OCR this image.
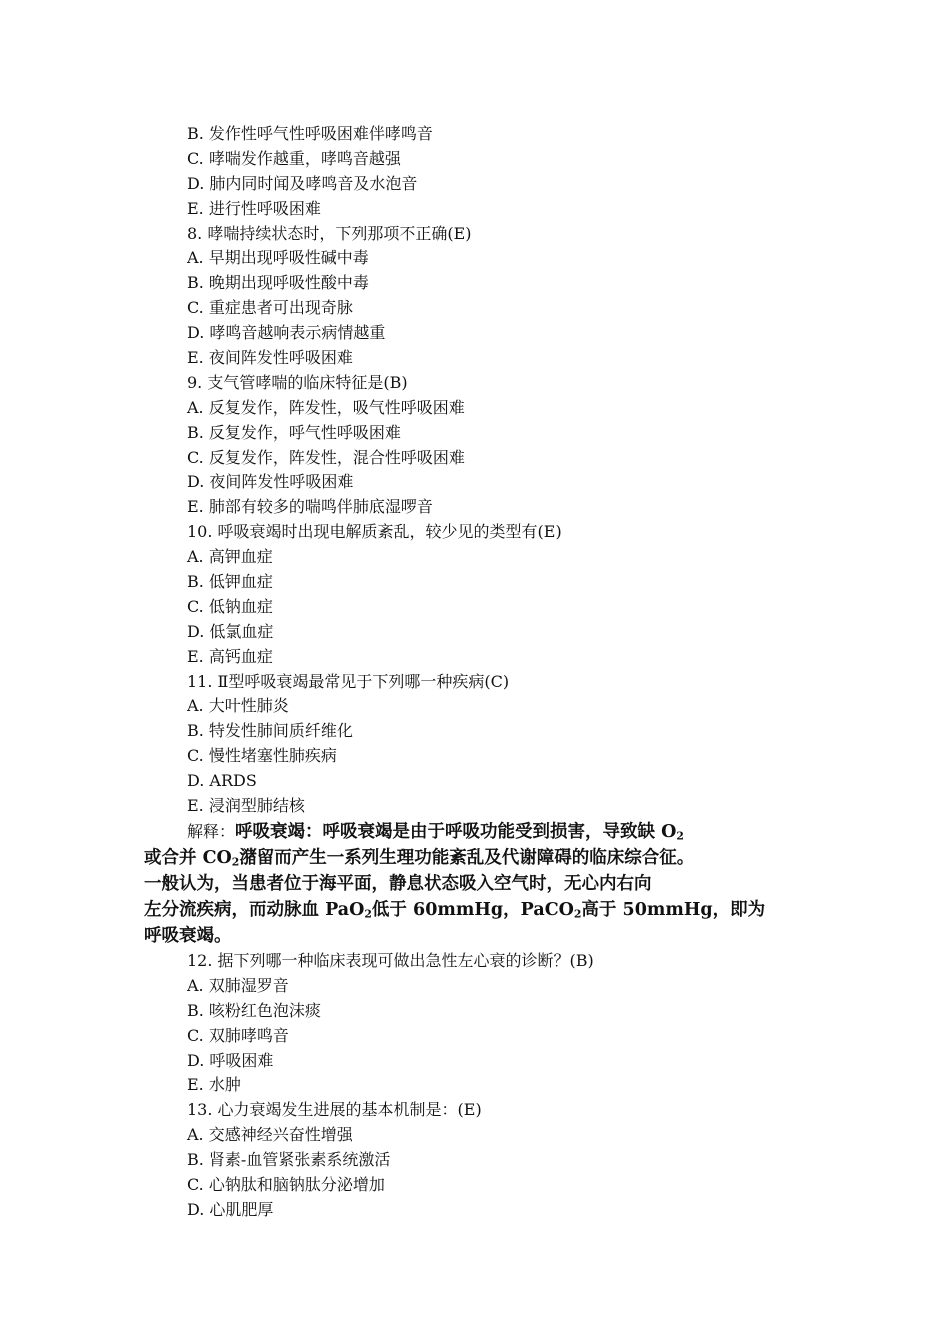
B. 发作性呼气性呼吸困难伴哮鸣音
C. 哮喘发作越重，哮鸣音越强
D. 肺内同时闻及哮鸣音及水泡音
E. 进行性呼吸困难
8. 哮喘持续状态时，下列那项不正确(E)
A. 早期出现呼吸性碱中毒
B. 晚期出现呼吸性酸中毒
C. 重症患者可出现奇脉
D. 哮鸣音越响表示病情越重
E. 夜间阵发性呼吸困难
9. 支气管哮喘的临床特征是(B)
A. 反复发作，阵发性，吸气性呼吸困难
B. 反复发作，呼气性呼吸困难
C. 反复发作，阵发性，混合性呼吸困难
D. 夜间阵发性呼吸困难
E. 肺部有较多的喘鸣伴肺底湿啰音
10. 呼吸衰竭时出现电解质紊乱，较少见的类型有(E)
A. 高钾血症
B. 低钾血症
C. 低钠血症
D. 低氯血症
E. 高钙血症
11. Ⅱ型呼吸衰竭最常见于下列哪一种疾病(C)
A. 大叶性肺炎
B. 特发性肺间质纤维化
C. 慢性堵塞性肺疾病
D. ARDS
E. 浸润型肺结核
解释：呼吸衰竭：呼吸衰竭是由于呼吸功能受到损害，导致缺 $O_2$
或合并 $CO_2$潴留而产生一系列生理功能紊乱及代谢障碍的临床综合征。
一般认为，当患者位于海平面，静息状态吸入空气时，无心内右向
左分流疾病，而动脉血 PaO$_2$低于 60mmHg，PaCO$_2$高于 50mmHg，即为
呼吸衰竭。
12. 据下列哪一种临床表现可做出急性左心衰的诊断？(B)
A. 双肺湿罗音
B. 咳粉红色泡沫痰
C. 双肺哮鸣音
D. 呼吸困难
E. 水肿
13. 心力衰竭发生进展的基本机制是：(E)
A. 交感神经兴奋性增强
B. 肾素-血管紧张素系统激活
C. 心钠肽和脑钠肽分泌增加
D. 心肌肥厚
